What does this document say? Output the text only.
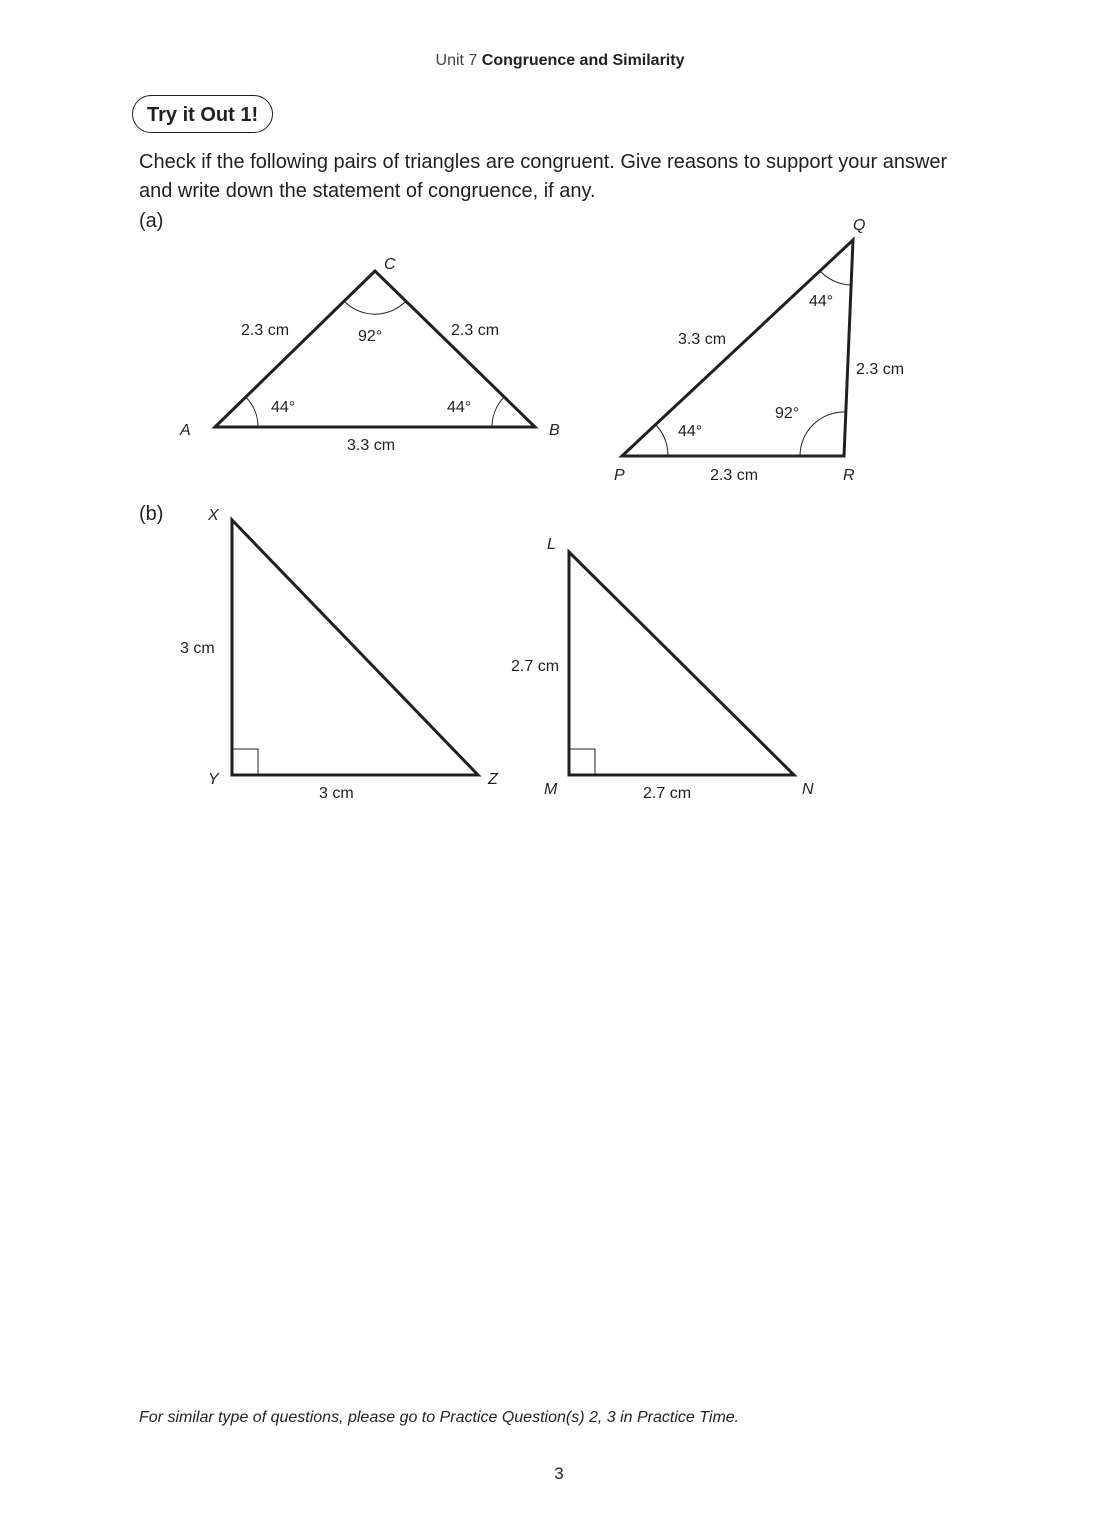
Unit 7 Congruence and Similarity
Try it Out 1!
Check if the following pairs of triangles are congruent. Give reasons to support your answer
and write down the statement of congruence, if any.
(a)
(b)
A	B
C
2.3 cm	2.3 cm
3.3 cm
44°	44°
92°
P
Q
R
3.3 cm
2.3 cm
2.3 cm
44°
44°
92°
X
Y	Z
3 cm
3 cm
L
M	N
2.7 cm
2.7 cm
For similar type of questions, please go to Practice Question(s) 2, 3 in Practice Time.
3
